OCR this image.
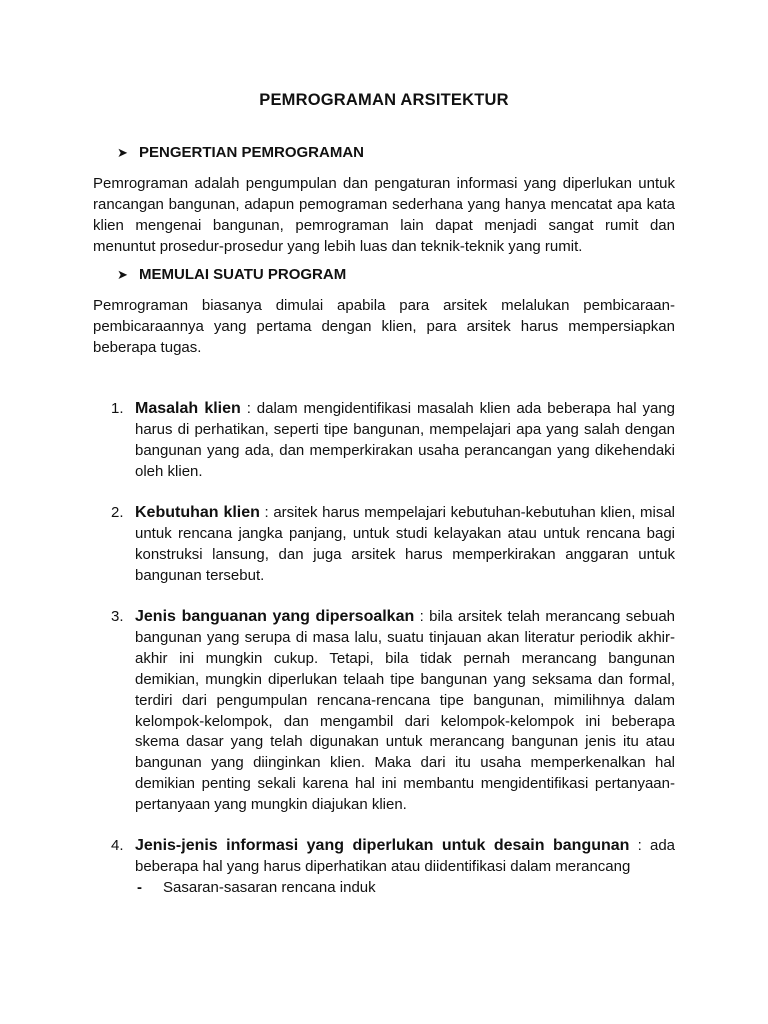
PEMROGRAMAN ARSITEKTUR
➤ PENGERTIAN PEMROGRAMAN

Pemrograman adalah pengumpulan dan pengaturan informasi yang diperlukan untuk rancangan bangunan, adapun pemograman sederhana yang hanya mencatat apa kata klien mengenai bangunan, pemrograman lain dapat menjadi sangat rumit dan menuntut prosedur-prosedur yang lebih luas dan teknik-teknik yang rumit.

➤ MEMULAI SUATU PROGRAM

Pemrograman biasanya dimulai apabila para arsitek melalukan pembicaraan-pembicaraannya yang pertama dengan klien, para arsitek harus mempersiapkan beberapa tugas.

1. Masalah klien : dalam mengidentifikasi masalah klien ada beberapa hal yang harus di perhatikan, seperti tipe bangunan, mempelajari apa yang salah dengan bangunan yang ada, dan memperkirakan usaha perancangan yang dikehendaki oleh klien.
2. Kebutuhan klien : arsitek harus mempelajari kebutuhan-kebutuhan klien, misal untuk rencana jangka panjang, untuk studi kelayakan atau untuk rencana bagi konstruksi lansung, dan juga arsitek harus memperkirakan anggaran untuk bangunan tersebut.
3. Jenis banguanan yang dipersoalkan : bila arsitek telah merancang sebuah bangunan yang serupa di masa lalu, suatu tinjauan akan literatur periodik akhir-akhir ini mungkin cukup. Tetapi, bila tidak pernah merancang bangunan demikian, mungkin diperlukan telaah tipe bangunan yang seksama dan formal, terdiri dari pengumpulan rencana-rencana tipe bangunan, mimilihnya dalam kelompok-kelompok, dan mengambil dari kelompok-kelompok ini beberapa skema dasar yang telah digunakan untuk merancang bangunan jenis itu atau bangunan yang diinginkan klien. Maka dari itu usaha memperkenalkan hal demikian penting sekali karena hal ini membantu mengidentifikasi pertanyaan-pertanyaan yang mungkin diajukan klien.
4. Jenis-jenis informasi yang diperlukan untuk desain bangunan : ada beberapa hal yang harus diperhatikan atau diidentifikasi dalam merancang
- Sasaran-sasaran rencana induk
